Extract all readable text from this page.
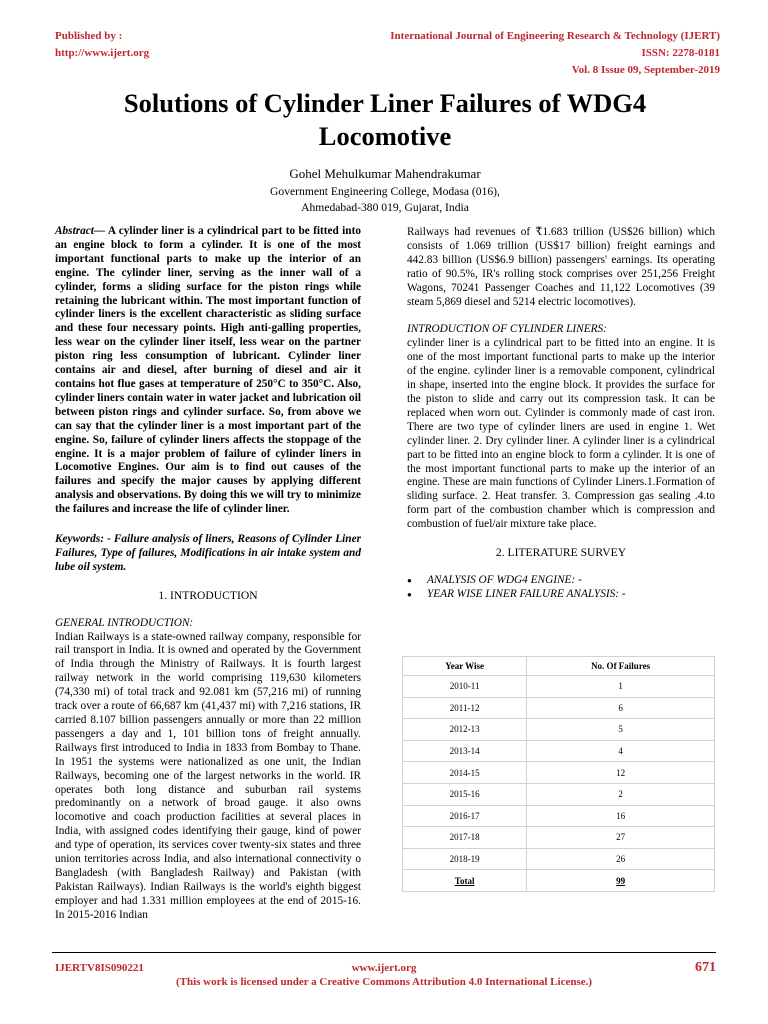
Published by :
http://www.ijert.org
International Journal of Engineering Research & Technology (IJERT)
ISSN: 2278-0181
Vol. 8 Issue 09, September-2019
Solutions of Cylinder Liner Failures of WDG4
Locomotive
Gohel Mehulkumar Mahendrakumar
Government Engineering College, Modasa (016),
Ahmedabad-380 019, Gujarat, India

Abstract— A cylinder liner is a cylindrical part to be fitted into an engine block to form a cylinder. It is one of the most important functional parts to make up the interior of an engine. The cylinder liner, serving as the inner wall of a cylinder, forms a sliding surface for the piston rings while retaining the lubricant within. The most important function of cylinder liners is the excellent characteristic as sliding surface and these four necessary points. High anti-galling properties, less wear on the cylinder liner itself, less wear on the partner piston ring less consumption of lubricant. Cylinder liner contains air and diesel, after burning of diesel and air it contains hot flue gases at temperature of 250°C to 350°C. Also, cylinder liners contain water in water jacket and lubrication oil between piston rings and cylinder surface. So, from above we can say that the cylinder liner is a most important part of the engine. So, failure of cylinder liners affects the stoppage of the engine. It is a major problem of failure of cylinder liners in Locomotive Engines. Our aim is to find out causes of the failures and specify the major causes by applying different analysis and observations. By doing this we will try to minimize the failures and increase the life of cylinder liner.

Keywords: - Failure analysis of liners, Reasons of Cylinder Liner Failures, Type of failures, Modifications in air intake system and lube oil system.

1. INTRODUCTION

GENERAL INTRODUCTION:

Indian Railways is a state-owned railway company, responsible for rail transport in India. It is owned and operated by the Government of India through the Ministry of Railways. It is fourth largest railway network in the world comprising 119,630 kilometers (74,330 mi) of total track and 92.081 km (57,216 mi) of running track over a route of 66,687 km (41,437 mi) with 7,216 stations, IR carried 8.107 billion passengers annually or more than 22 million passengers a day and 1, 101 billion tons of freight annually. Railways first introduced to India in 1833 from Bombay to Thane. In 1951 the systems were nationalized as one unit, the Indian Railways, becoming one of the largest networks in the world. IR operates both long distance and suburban rail systems predominantly on a network of broad gauge. it also owns locomotive and coach production facilities at several places in India, with assigned codes identifying their gauge, kind of power and type of operation, its services cover twenty-six states and three union territories across India, and also international connectivity o Bangladesh (with Bangladesh Railway) and Pakistan (with Pakistan Railways). Indian Railways is the world's eighth biggest employer and had 1.331 million employees at the end of 2015-16. In 2015-2016 Indian

Railways had revenues of ₹1.683 trillion (US$26 billion) which consists of 1.069 trillion (US$17 billion) freight earnings and 442.83 billion (US$6.9 billion) passengers' earnings. Its operating ratio of 90.5%, IR's rolling stock comprises over 251,256 Freight Wagons, 70241 Passenger Coaches and 11,122 Locomotives (39 steam 5,869 diesel and 5214 electric locomotives).

INTRODUCTION OF CYLINDER LINERS:

cylinder liner is a cylindrical part to be fitted into an engine. It is one of the most important functional parts to make up the interior of the engine. cylinder liner is a removable component, cylindrical in shape, inserted into the engine block. It provides the surface for the piston to slide and carry out its compression task. It can be replaced when worn out. Cylinder is commonly made of cast iron. There are two type of cylinder liners are used in engine 1. Wet cylinder liner. 2. Dry cylinder liner. A cylinder liner is a cylindrical part to be fitted into an engine block to form a cylinder. It is one of the most important functional parts to make up the interior of an engine. These are main functions of Cylinder Liners.1.Formation of sliding surface. 2. Heat transfer. 3. Compression gas sealing .4.to form part of the combustion chamber which is compression and combustion of fuel/air mixture take place.

2. LITERATURE SURVEY

● ANALYSIS OF WDG4 ENGINE: -
● YEAR WISE LINER FAILURE ANALYSIS: -
Year Wise	No. Of Failures
2010-11	1
2011-12	6
2012-13	5
2013-14	4
2014-15	12
2015-16	2
2016-17	16
2017-18	27
2018-19	26
Total	99
IJERTV8IS090221	www.ijert.org	671
(This work is licensed under a Creative Commons Attribution 4.0 International License.)
